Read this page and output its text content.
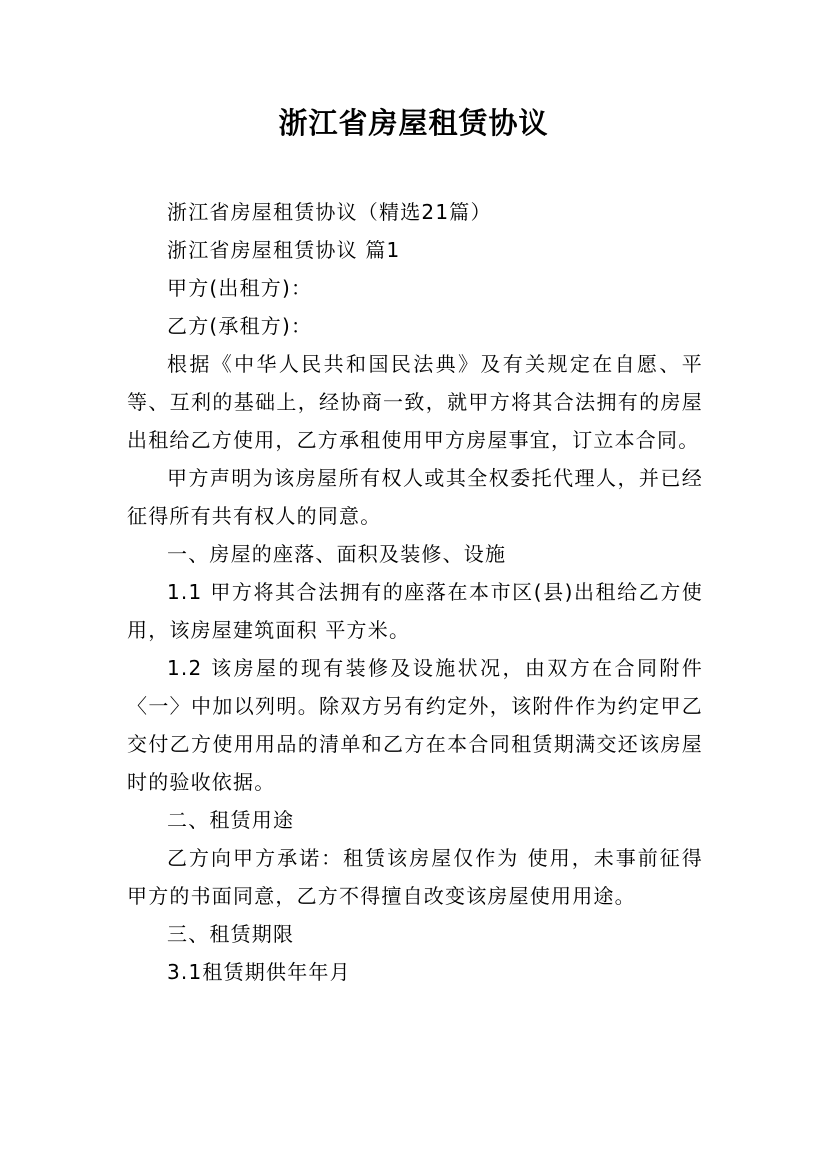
浙江省房屋租赁协议

浙江省房屋租赁协议（精选21篇）

浙江省房屋租赁协议 篇1

甲方(出租方)：

乙方(承租方)：

根据《中华人民共和国民法典》及有关规定在自愿、平等、互利的基础上，经协商一致，就甲方将其合法拥有的房屋出租给乙方使用，乙方承租使用甲方房屋事宜，订立本合同。

甲方声明为该房屋所有权人或其全权委托代理人，并已经征得所有共有权人的同意。

一、房屋的座落、面积及装修、设施

1.1 甲方将其合法拥有的座落在本市区(县)出租给乙方使用，该房屋建筑面积 平方米。

1.2 该房屋的现有装修及设施状况，由双方在合同附件〈一〉中加以列明。除双方另有约定外，该附件作为约定甲乙交付乙方使用用品的清单和乙方在本合同租赁期满交还该房屋时的验收依据。

二、租赁用途

乙方向甲方承诺：租赁该房屋仅作为 使用，未事前征得甲方的书面同意，乙方不得擅自改变该房屋使用用途。

三、租赁期限

3.1租赁期供年年月
